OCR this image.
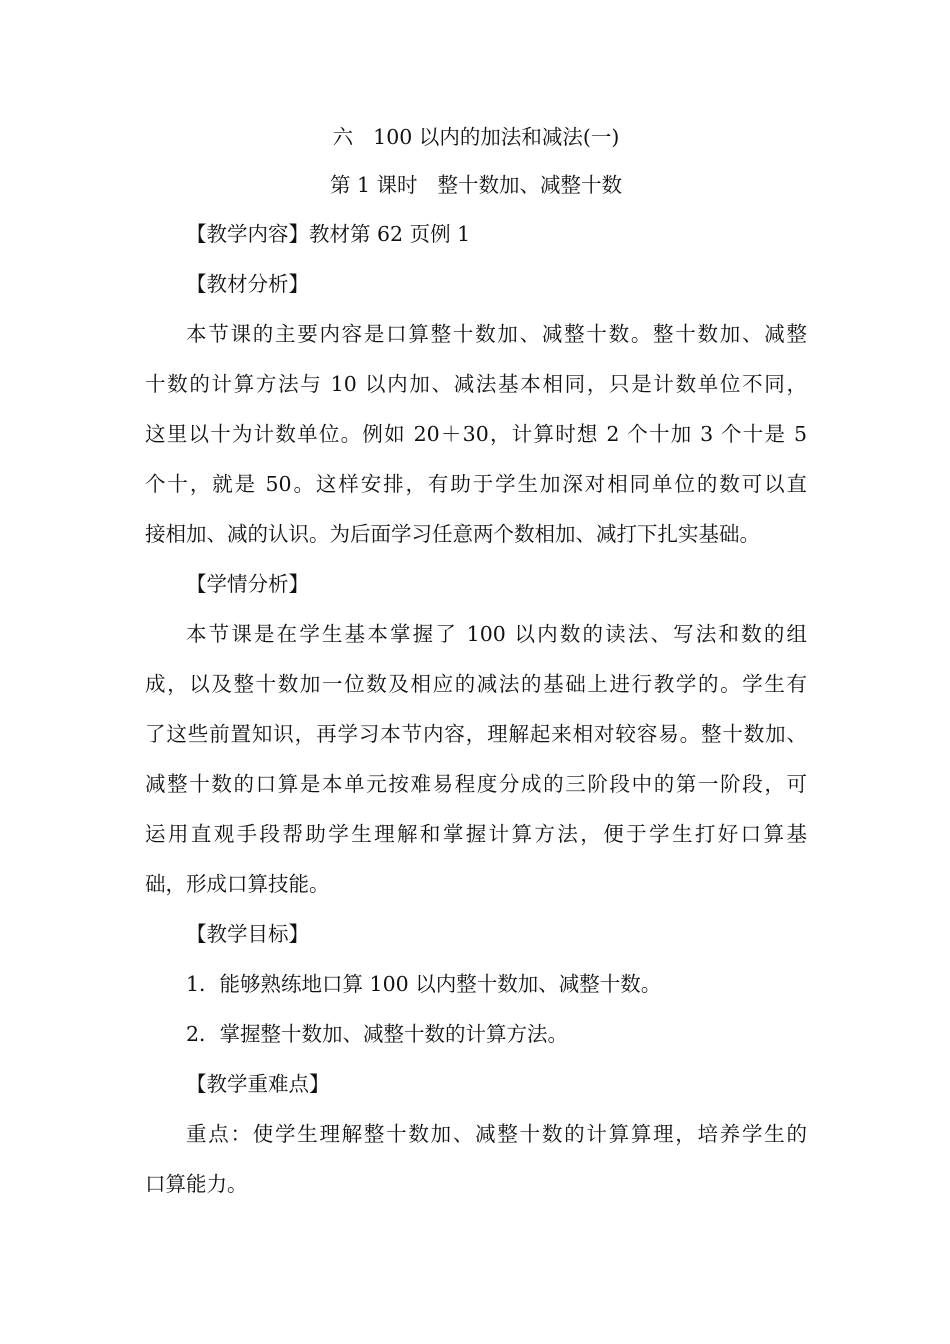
六 100 以内的加法和减法(一)
第 1 课时 整十数加、减整十数

【教学内容】教材第 62 页例 1

【教材分析】

本节课的主要内容是口算整十数加、减整十数。整十数加、减整
十数的计算方法与 10 以内加、减法基本相同，只是计数单位不同，
这里以十为计数单位。例如 20＋30，计算时想 2 个十加 3 个十是 5
个十，就是 50。这样安排，有助于学生加深对相同单位的数可以直
接相加、减的认识。为后面学习任意两个数相加、减打下扎实基础。

【学情分析】

本节课是在学生基本掌握了 100 以内数的读法、写法和数的组
成，以及整十数加一位数及相应的减法的基础上进行教学的。学生有
了这些前置知识，再学习本节内容，理解起来相对较容易。整十数加、
减整十数的口算是本单元按难易程度分成的三阶段中的第一阶段，可
运用直观手段帮助学生理解和掌握计算方法，便于学生打好口算基
础，形成口算技能。

【教学目标】

1．能够熟练地口算 100 以内整十数加、减整十数。

2．掌握整十数加、减整十数的计算方法。

【教学重难点】

重点：使学生理解整十数加、减整十数的计算算理，培养学生的
口算能力。
